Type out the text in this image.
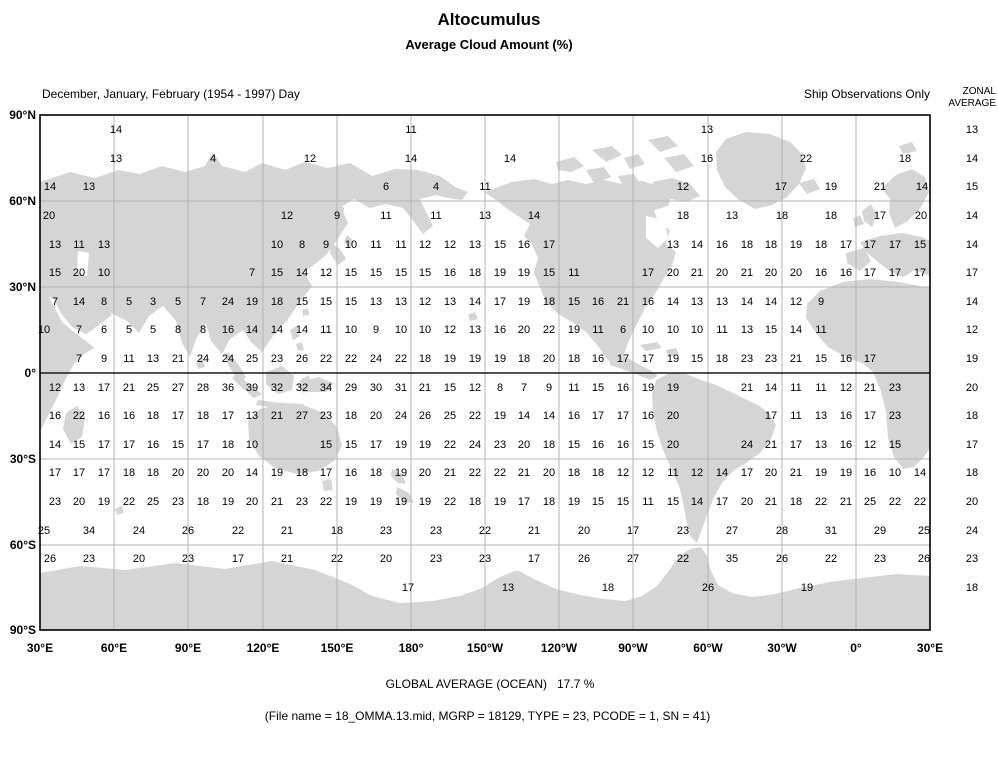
Altocumulus
Average Cloud Amount (%)
December, January, February (1954 - 1997) Day	Ship Observations Only	ZONAL
AVERAGE
14	11	13
13	4	12	14	14	16	22	18
14 13	6	4	11	12	17	19	21	14
20	12	9	11	11	13	14	18	13	18	18	17	20
13 11 13	10 8 9 10 11 11 12 12 13 15 16 17	13 14 16 18 18 19 18 17 17 17 15
15 20 10	7 15 14 12 15 15 15 15 16 18 19 19 15 11	17 20 21 20 21 20 20 16 16 17 17 17
7 14 8 5 3 5 7 24 19 18 15 15 15 13 13 12 13 14 17 19 18 15 16 21 16 14 13 13 14 14 12 9
10 7 6 5 5 8 8 16 14 14 14 11 10 9 10 10 12 13 16 20 22 19 11 6 10 10 10 11 13 15 14 11
7 9 11 13 21 24 24 25 23 26 22 22 24 22 18 19 19 19 18 20 18 16 17 17 19 15 18 23 23 21 15 16 17
12 13 17 21 25 27 28 36 39 32 32 34 29 30 31 21 15 12 8 7 9 11 15 16 19 19	21 14 11 11 12 21 23
16 22 16 16 18 17 18 17 13 21 27 23 18 20 24 26 25 22 19 14 14 16 17 17 16 20	17 11 13 16 17 23
14 15 17 17 16 15 17 18 10	15 15 17 19 19 22 24 23 20 18 15 16 16 15 20	24 21 17 13 16 12 15
17 17 17 18 18 20 20 20 14 19 18 17 16 18 19 20 21 22 22 21 20 18 18 12 12 11 12 14 17 20 21 19 19 16 10 14
23 20 19 22 25 23 18 19 20 21 23 22 19 19 19 19 22 18 19 17 18 19 15 15 11 15 14 17 20 21 18 22 21 25 22 22
25	34	24	26	22	21	18	23	23	22	21	20	17	23	27	28	31	29	25
26 23	20	23	17	21	22	20	23	23	17	26	27	22	35	26	22	23	26
17	13	18	26	19
90°N
60°N
30°N
0°
30°S
60°S
90°S
30°E	60°E	90°E	120°E	150°E	180°	150°W	120°W	90°W	60°W	30°W	0°	30°E
13
14
15
14
14
17
14
12
19
20
18
17
18
20
24
23
18
GLOBAL AVERAGE (OCEAN)   17.7 %
(File name = 18_OMMA.13.mid, MGRP = 18129, TYPE = 23, PCODE = 1, SN = 41)
